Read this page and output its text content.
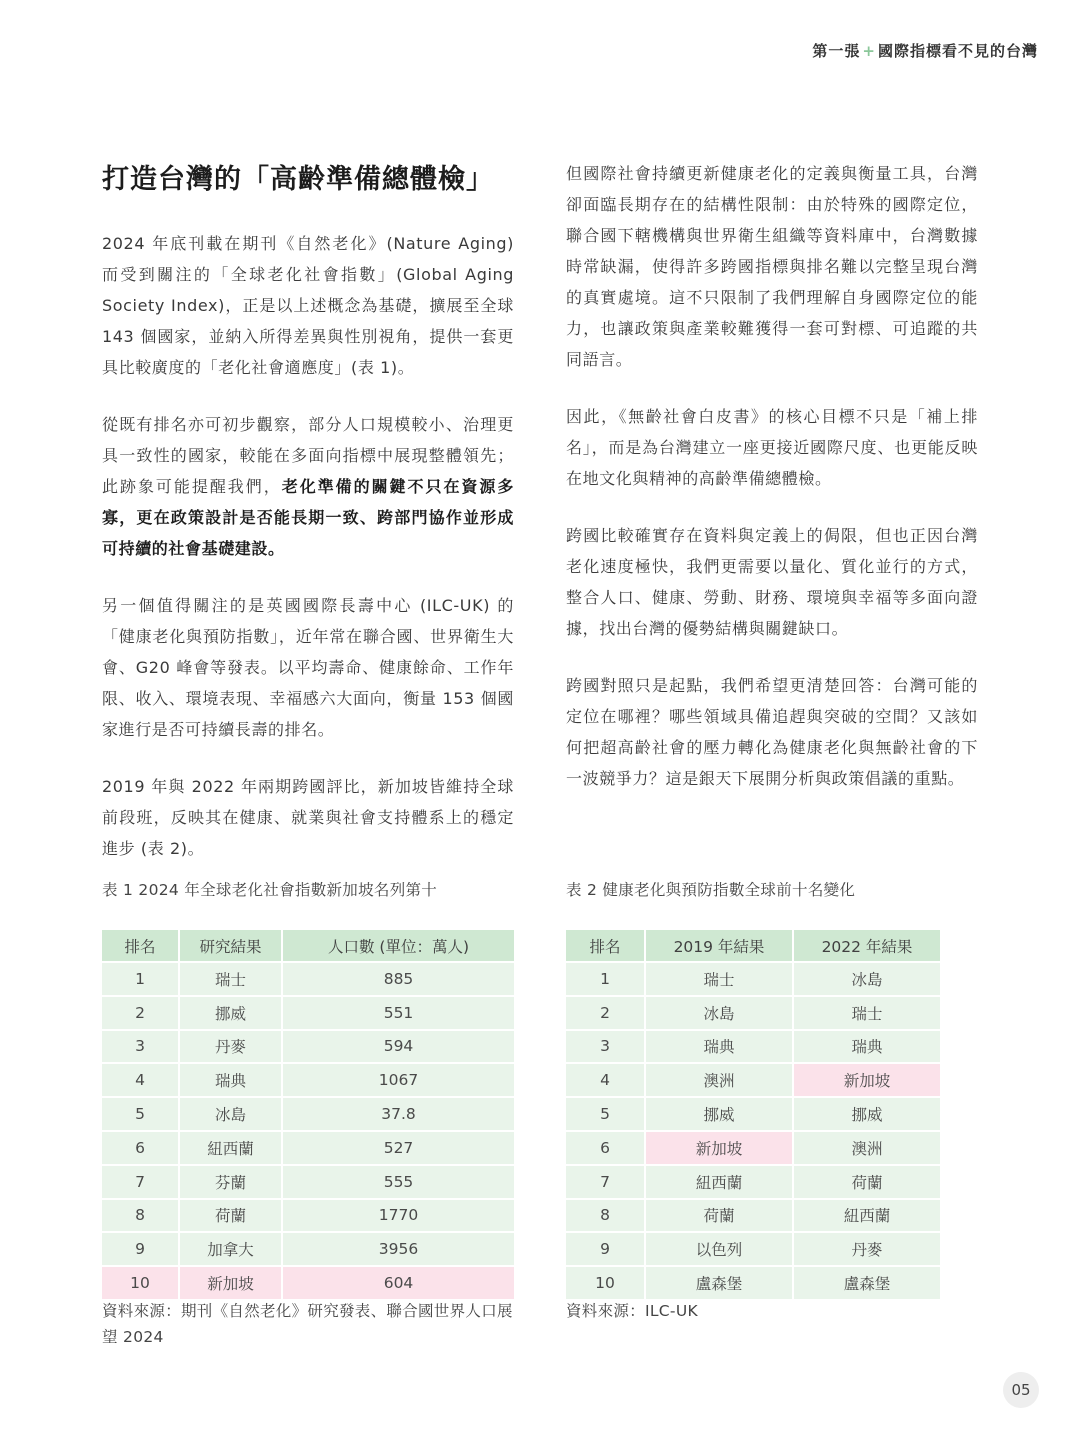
第一張 + 國際指標看不見的台灣
打造台灣的「高齡準備總體檢」

2024 年底刊載在期刊《自然老化》(Nature Aging) 而受到關注的「全球老化社會指數」(Global Aging Society Index)，正是以上述概念為基礎，擴展至全球 143 個國家，並納入所得差異與性別視角，提供一套更具比較廣度的「老化社會適應度」(表 1)。

從既有排名亦可初步觀察，部分人口規模較小、治理更具一致性的國家，較能在多面向指標中展現整體領先；此跡象可能提醒我們，老化準備的關鍵不只在資源多寡，更在政策設計是否能長期一致、跨部門協作並形成可持續的社會基礎建設。

另一個值得關注的是英國國際長壽中心 (ILC-UK) 的「健康老化與預防指數」，近年常在聯合國、世界衛生大會、G20 峰會等發表。以平均壽命、健康餘命、工作年限、收入、環境表現、幸福感六大面向，衡量 153 個國家進行是否可持續長壽的排名。

2019 年與 2022 年兩期跨國評比，新加坡皆維持全球前段班，反映其在健康、就業與社會支持體系上的穩定進步 (表 2)。

但國際社會持續更新健康老化的定義與衡量工具，台灣卻面臨長期存在的結構性限制：由於特殊的國際定位，聯合國下轄機構與世界衛生組織等資料庫中，台灣數據時常缺漏，使得許多跨國指標與排名難以完整呈現台灣的真實處境。這不只限制了我們理解自身國際定位的能力，也讓政策與產業較難獲得一套可對標、可追蹤的共同語言。

因此，《無齡社會白皮書》的核心目標不只是「補上排名」，而是為台灣建立一座更接近國際尺度、也更能反映在地文化與精神的高齡準備總體檢。

跨國比較確實存在資料與定義上的侷限，但也正因台灣老化速度極快，我們更需要以量化、質化並行的方式，整合人口、健康、勞動、財務、環境與幸福等多面向證據，找出台灣的優勢結構與關鍵缺口。

跨國對照只是起點，我們希望更清楚回答：台灣可能的定位在哪裡？哪些領域具備追趕與突破的空間？又該如何把超高齡社會的壓力轉化為健康老化與無齡社會的下一波競爭力？這是銀天下展開分析與政策倡議的重點。

表 1 2024 年全球老化社會指數新加坡名列第十
排名	研究結果	人口數 (單位：萬人)
1	瑞士	885
2	挪威	551
3	丹麥	594
4	瑞典	1067
5	冰島	37.8
6	紐西蘭	527
7	芬蘭	555
8	荷蘭	1770
9	加拿大	3956
10	新加坡	604
表 2 健康老化與預防指數全球前十名變化
排名	2019 年結果	2022 年結果
1	瑞士	冰島
2	冰島	瑞士
3	瑞典	瑞典
4	澳洲	新加坡
5	挪威	挪威
6	新加坡	澳洲
7	紐西蘭	荷蘭
8	荷蘭	紐西蘭
9	以色列	丹麥
10	盧森堡	盧森堡
資料來源：期刊《自然老化》研究發表、聯合國世界人口展望 2024
資料來源：ILC-UK
05
